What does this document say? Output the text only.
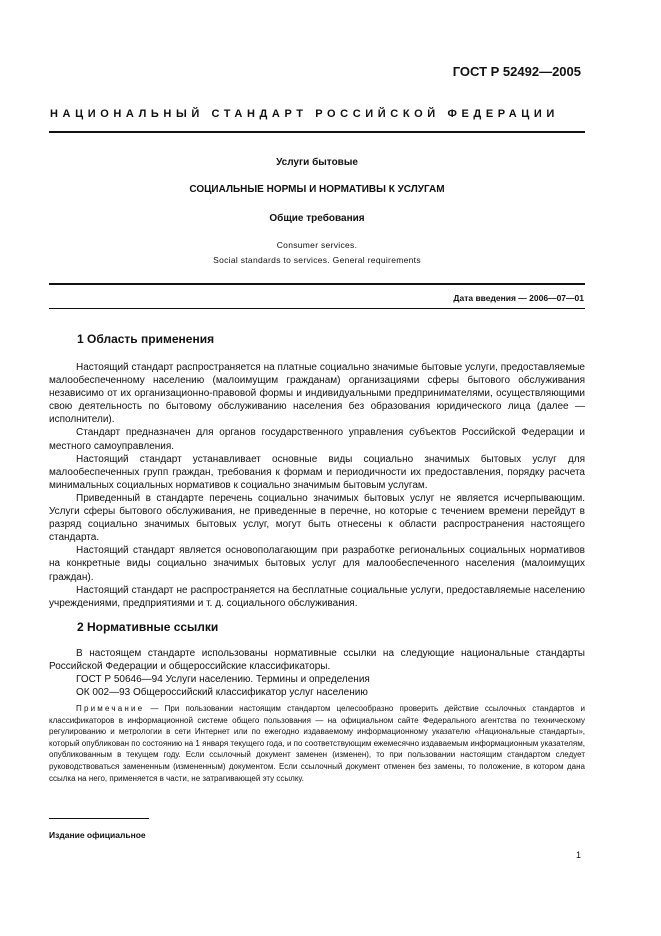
ГОСТ Р 52492—2005
НАЦИОНАЛЬНЫЙ СТАНДАРТ РОССИЙСКОЙ ФЕДЕРАЦИИ
Услуги бытовые
СОЦИАЛЬНЫЕ НОРМЫ И НОРМАТИВЫ К УСЛУГАМ
Общие требования
Consumer services.
Social standards to services. General requirements
Дата введения — 2006—07—01
1 Область применения

Настоящий стандарт распространяется на платные социально значимые бытовые услуги, предоставляемые малообеспеченному населению (малоимущим гражданам) организациями сферы бытового обслуживания независимо от их организационно-правовой формы и индивидуальными предпринимателями, осуществляющими свою деятельность по бытовому обслуживанию населения без образования юридического лица (далее — исполнители).

Стандарт предназначен для органов государственного управления субъектов Российской Федерации и местного самоуправления.

Настоящий стандарт устанавливает основные виды социально значимых бытовых услуг для малообеспеченных групп граждан, требования к формам и периодичности их предоставления, порядку расчета минимальных социальных нормативов к социально значимым бытовым услугам.

Приведенный в стандарте перечень социально значимых бытовых услуг не является исчерпывающим. Услуги сферы бытового обслуживания, не приведенные в перечне, но которые с течением времени перейдут в разряд социально значимых бытовых услуг, могут быть отнесены к области распространения настоящего стандарта.

Настоящий стандарт является основополагающим при разработке региональных социальных нормативов на конкретные виды социально значимых бытовых услуг для малообеспеченного населения (малоимущих граждан).

Настоящий стандарт не распространяется на бесплатные социальные услуги, предоставляемые населению учреждениями, предприятиями и т. д. социального обслуживания.

2 Нормативные ссылки

В настоящем стандарте использованы нормативные ссылки на следующие национальные стандарты Российской Федерации и общероссийские классификаторы.

ГОСТ Р 50646—94 Услуги населению. Термины и определения

ОК 002—93 Общероссийский классификатор услуг населению

Примечание — При пользовании настоящим стандартом целесообразно проверить действие ссылочных стандартов и классификаторов в информационной системе общего пользования — на официальном сайте Федерального агентства по техническому регулированию и метрологии в сети Интернет или по ежегодно издаваемому информационному указателю «Национальные стандарты», который опубликован по состоянию на 1 января текущего года, и по соответствующим ежемесячно издаваемым информационным указателям, опубликованным в текущем году. Если ссылочный документ заменен (изменен), то при пользовании настоящим стандартом следует руководствоваться замененным (измененным) документом. Если ссылочный документ отменен без замены, то положение, в котором дана ссылка на него, применяется в части, не затрагивающей эту ссылку.
Издание официальное
1
